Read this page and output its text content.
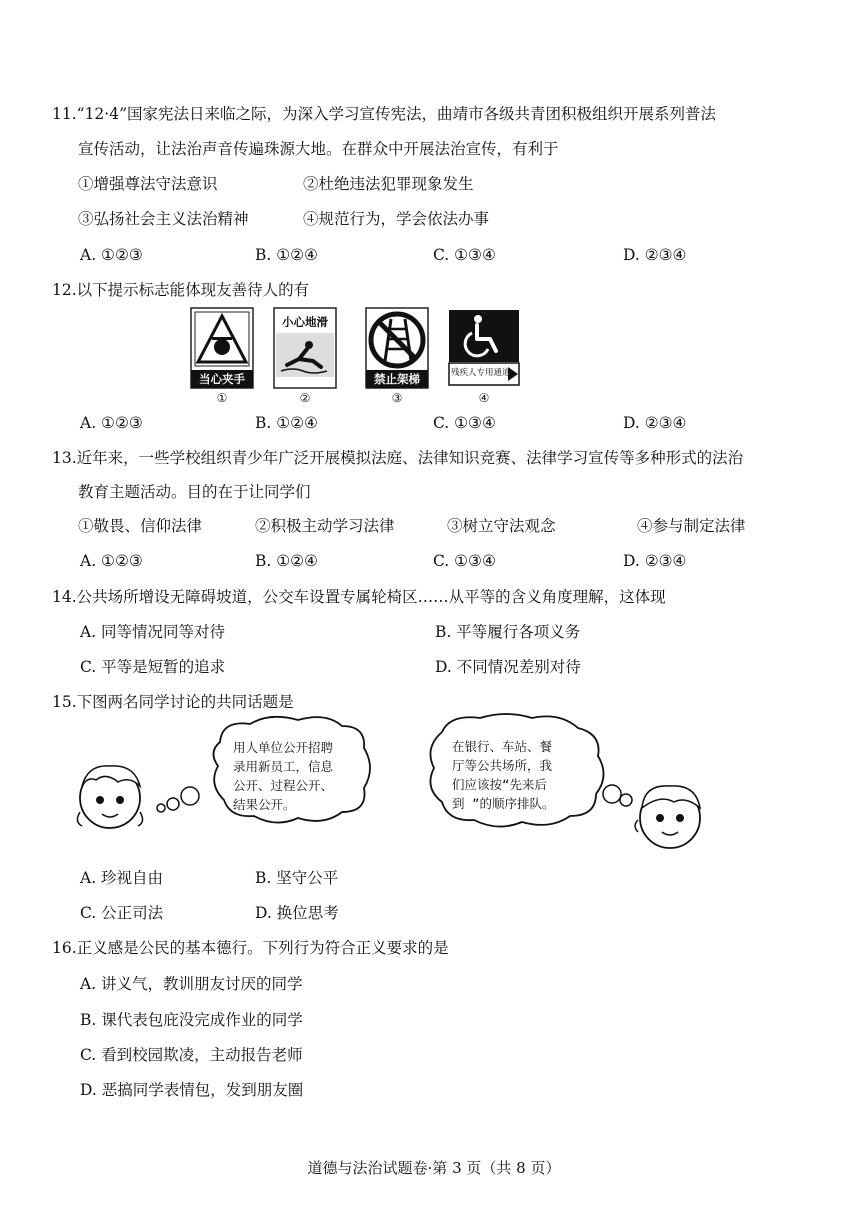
11.“12·4”国家宪法日来临之际，为深入学习宣传宪法，曲靖市各级共青团积极组织开展系列普法
宣传活动，让法治声音传遍珠源大地。在群众中开展法治宣传，有利于
①增强尊法守法意识	②杜绝违法犯罪现象发生
③弘扬社会主义法治精神	④规范行为，学会依法办事
A. ①②③	B. ①②④	C. ①③④	D. ②③④
12.以下提示标志能体现友善待人的有
当心夹手
①
小心地滑
②
禁止架梯
③
残疾人专用通道
④
A. ①②③	B. ①②④	C. ①③④	D. ②③④
13.近年来，一些学校组织青少年广泛开展模拟法庭、法律知识竞赛、法律学习宣传等多种形式的法治
教育主题活动。目的在于让同学们
①敬畏、信仰法律	②积极主动学习法律	③树立守法观念	④参与制定法律
A. ①②③	B. ①②④	C. ①③④	D. ②③④
14.公共场所增设无障碍坡道，公交车设置专属轮椅区……从平等的含义角度理解，这体现
A. 同等情况同等对待	B. 平等履行各项义务
C. 平等是短暂的追求	D. 不同情况差别对待
15.下图两名同学讨论的共同话题是
用人单位公开招聘
录用新员工，信息
公开、过程公开、
结果公开。
在银行、车站、餐
厅等公共场所，我
们应该按“先来后
到 ”的顺序排队。
A. 珍视自由	B. 坚守公平
C. 公正司法	D. 换位思考
16.正义感是公民的基本德行。下列行为符合正义要求的是
A. 讲义气，教训朋友讨厌的同学
B. 课代表包庇没完成作业的同学
C. 看到校园欺凌，主动报告老师
D. 恶搞同学表情包，发到朋友圈
道德与法治试题卷·第 3 页（共 8 页）
